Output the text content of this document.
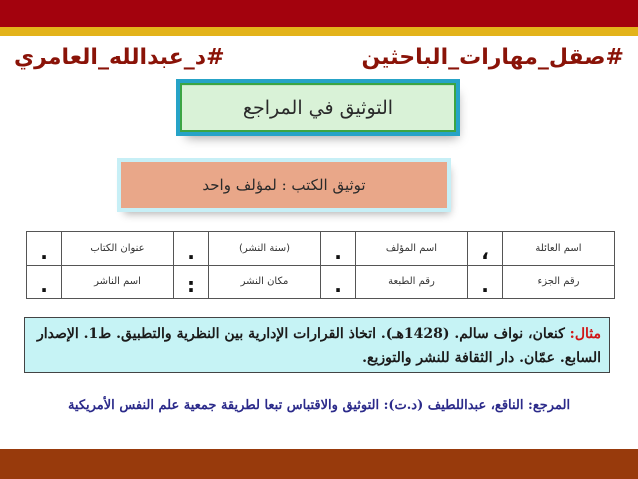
#صقل_مهارات_الباحثين
#د_عبدالله_العامري
التوثيق في المراجع
توثيق الكتب : لمؤلف واحد
اسم العائلة	،	اسم المؤلف	.	(سنة النشر)	.	عنوان الكتاب	.
رقم الجزء	.	رقم الطبعة	.	مكان النشر	:	اسم الناشر	.
مثال: كنعان، نواف سالم. (1428هـ). اتخاذ القرارات الإدارية بين النظرية والتطبيق. ط1. الإصدار السابع. عمّان. دار الثقافة للنشر والتوزيع.
المرجع: الناقع، عبداللطيف (د.ت): التوثيق والاقتباس تبعا لطريقة جمعية علم النفس الأمريكية
